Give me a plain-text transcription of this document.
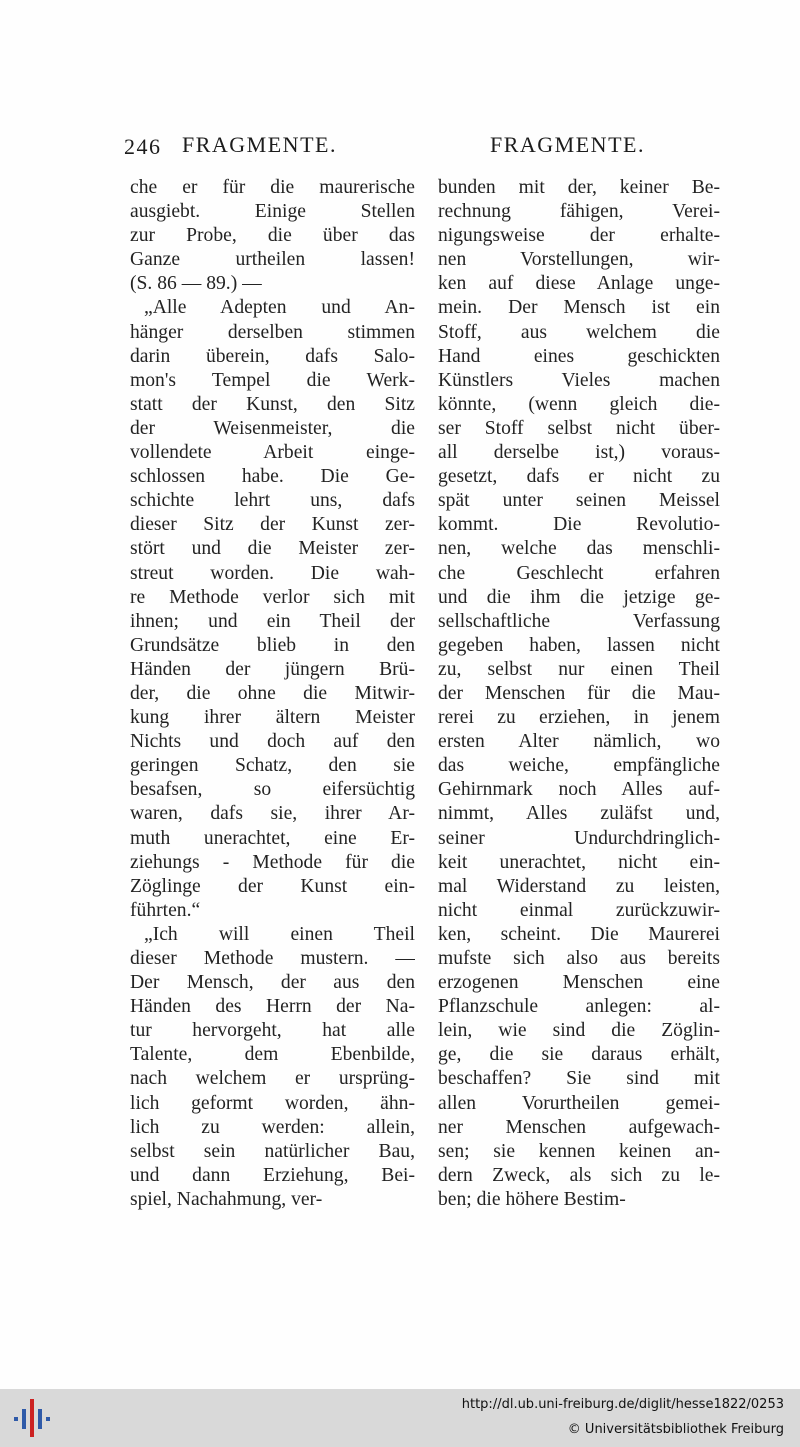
246 FRAGMENTE.	FRAGMENTE.
che er für die maurerische
ausgiebt. Einige Stellen
zur Probe, die über das
Ganze urtheilen lassen!
(S. 86 — 89.) —
„Alle Adepten und An-
hänger derselben stimmen
darin überein, dafs Salo-
mon's Tempel die Werk-
statt der Kunst, den Sitz
der Weisenmeister, die
vollendete Arbeit einge-
schlossen habe. Die Ge-
schichte lehrt uns, dafs
dieser Sitz der Kunst zer-
stört und die Meister zer-
streut worden. Die wah-
re Methode verlor sich mit
ihnen; und ein Theil der
Grundsätze blieb in den
Händen der jüngern Brü-
der, die ohne die Mitwir-
kung ihrer ältern Meister
Nichts und doch auf den
geringen Schatz, den sie
besafsen, so eifersüchtig
waren, dafs sie, ihrer Ar-
muth unerachtet, eine Er-
ziehungs - Methode für die
Zöglinge der Kunst ein-
führten.“
„Ich will einen Theil
dieser Methode mustern. —
Der Mensch, der aus den
Händen des Herrn der Na-
tur hervorgeht, hat alle
Talente, dem Ebenbilde,
nach welchem er ursprüng-
lich geformt worden, ähn-
lich zu werden: allein,
selbst sein natürlicher Bau,
und dann Erziehung, Bei-
spiel, Nachahmung, ver-
bunden mit der, keiner Be-
rechnung fähigen, Verei-
nigungsweise der erhalte-
nen Vorstellungen, wir-
ken auf diese Anlage unge-
mein. Der Mensch ist ein
Stoff, aus welchem die
Hand eines geschickten
Künstlers Vieles machen
könnte, (wenn gleich die-
ser Stoff selbst nicht über-
all derselbe ist,) voraus-
gesetzt, dafs er nicht zu
spät unter seinen Meissel
kommt. Die Revolutio-
nen, welche das menschli-
che Geschlecht erfahren
und die ihm die jetzige ge-
sellschaftliche Verfassung
gegeben haben, lassen nicht
zu, selbst nur einen Theil
der Menschen für die Mau-
rerei zu erziehen, in jenem
ersten Alter nämlich, wo
das weiche, empfängliche
Gehirnmark noch Alles auf-
nimmt, Alles zuläfst und,
seiner Undurchdringlich-
keit unerachtet, nicht ein-
mal Widerstand zu leisten,
nicht einmal zurückzuwir-
ken, scheint. Die Maurerei
mufste sich also aus bereits
erzogenen Menschen eine
Pflanzschule anlegen: al-
lein, wie sind die Zöglin-
ge, die sie daraus erhält,
beschaffen? Sie sind mit
allen Vorurtheilen gemei-
ner Menschen aufgewach-
sen; sie kennen keinen an-
dern Zweck, als sich zu le-
ben; die höhere Bestim-
http://dl.ub.uni-freiburg.de/diglit/hesse1822/0253
© Universitätsbibliothek Freiburg
